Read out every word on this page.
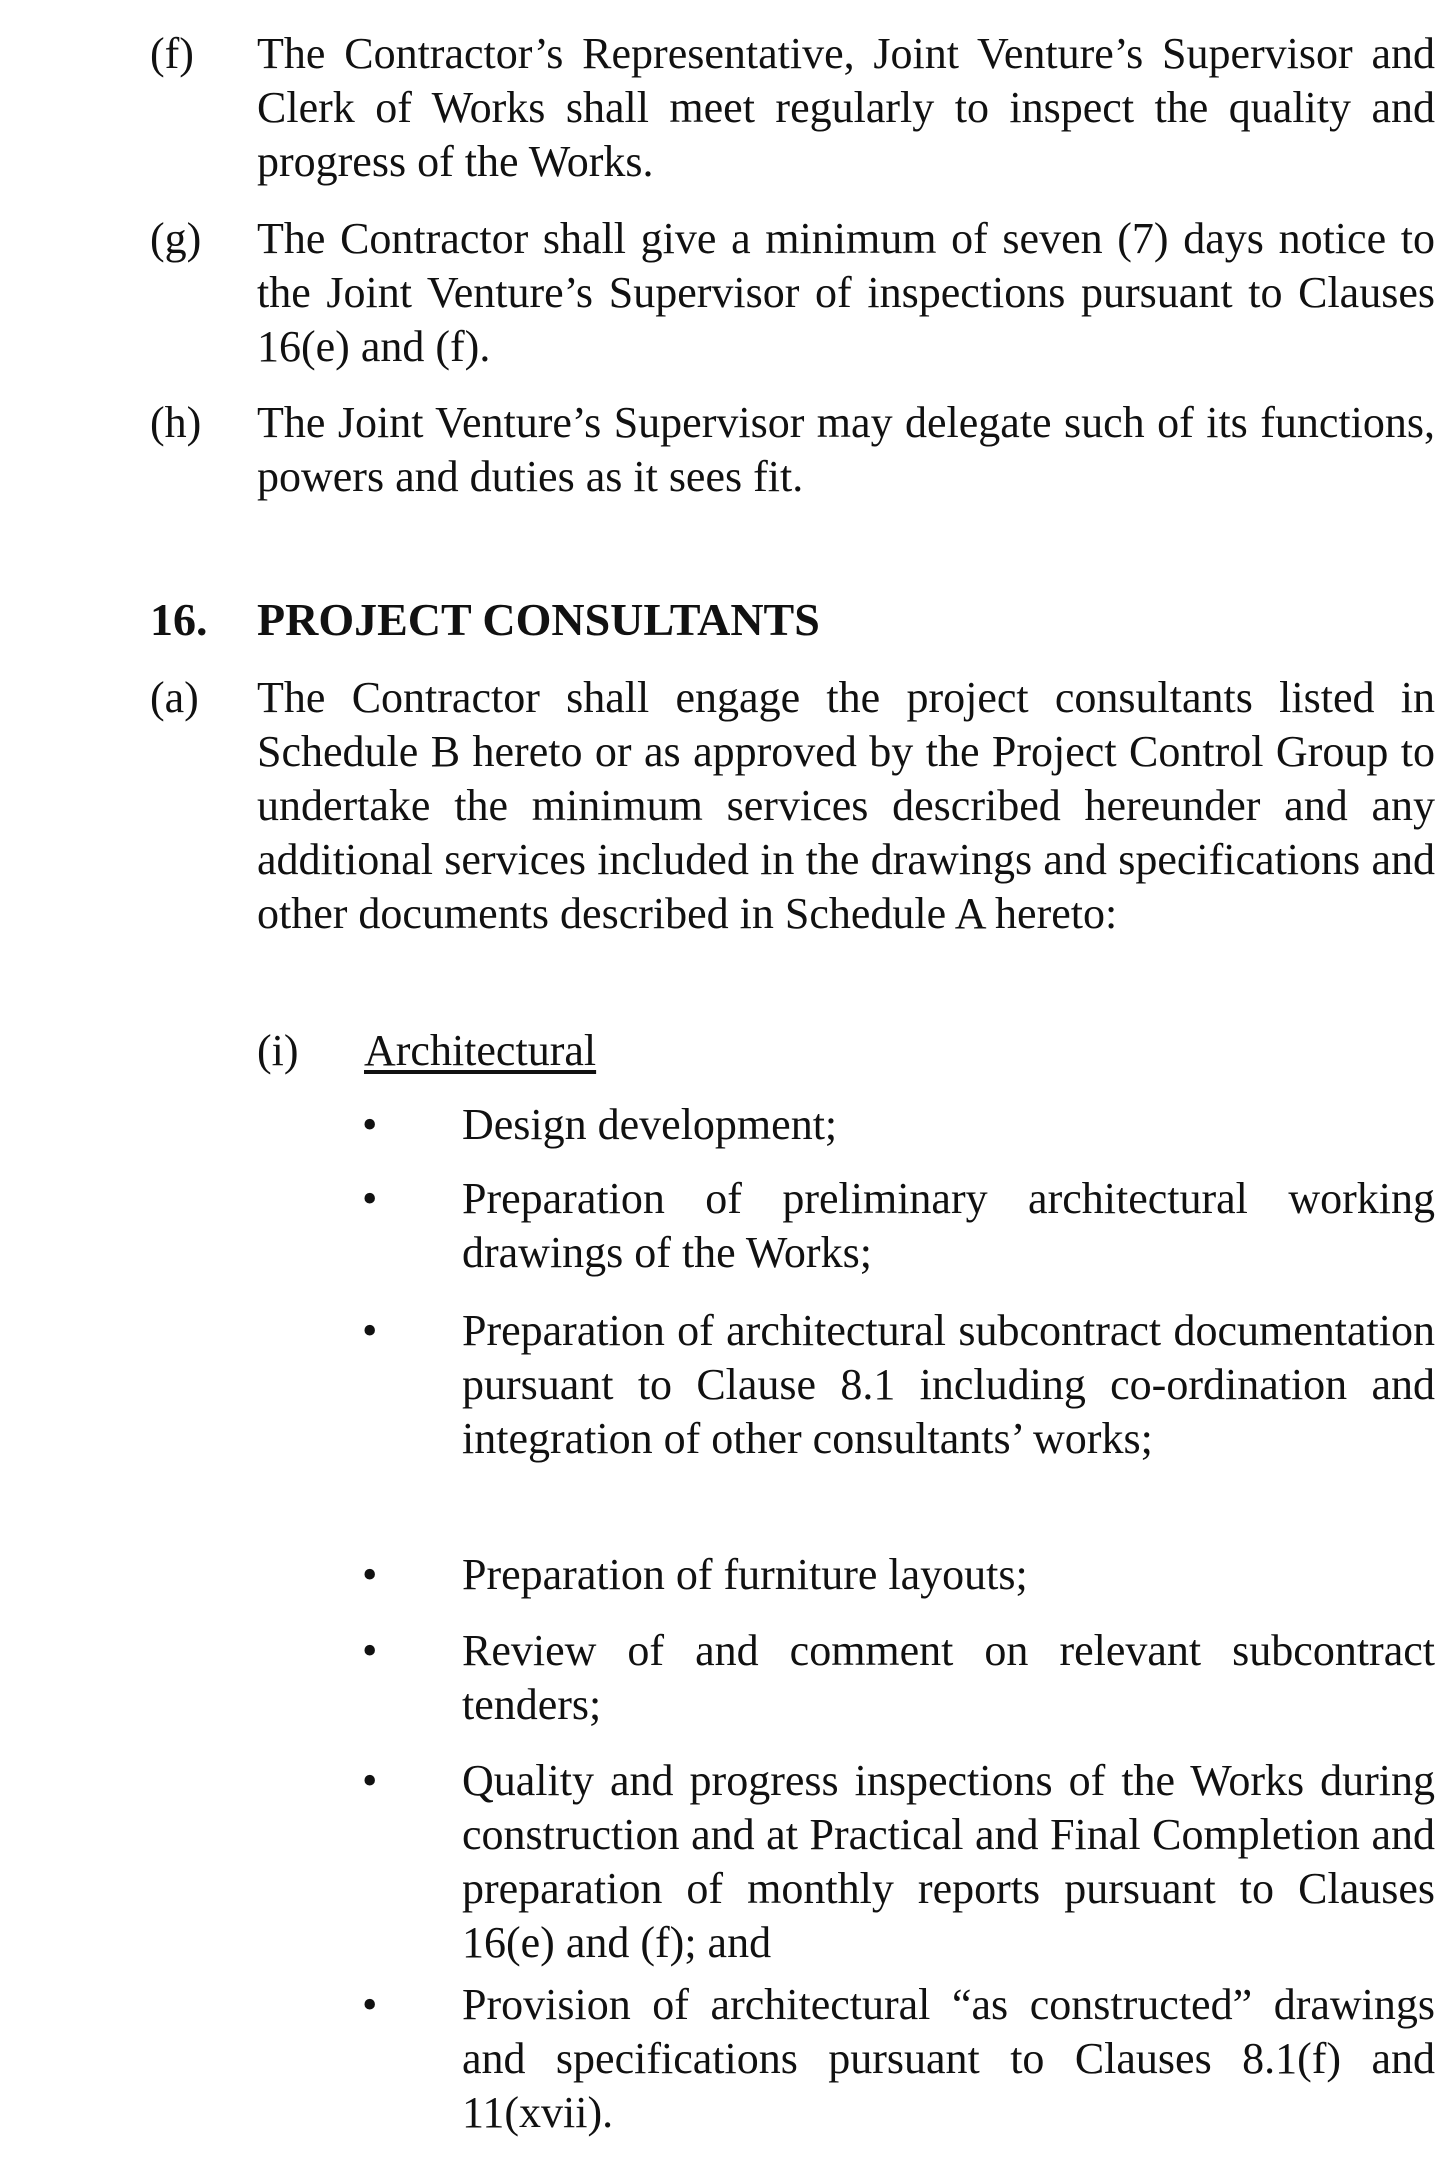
(f) The Contractor’s Representative, Joint Venture’s Supervisor and Clerk of Works shall meet regularly to inspect the quality and progress of the Works.
(g) The Contractor shall give a minimum of seven (7) days notice to the Joint Venture’s Supervisor of inspections pursuant to Clauses 16(e) and (f).
(h) The Joint Venture’s Supervisor may delegate such of its functions, powers and duties as it sees fit.
16. PROJECT CONSULTANTS
(a) The Contractor shall engage the project consultants listed in Schedule B hereto or as approved by the Project Control Group to undertake the minimum services described hereunder and any additional services included in the drawings and specifications and other documents described in Schedule A hereto:
(i) Architectural
• Design development;
• Preparation of preliminary architectural working drawings of the Works;
• Preparation of architectural subcontract documentation pursuant to Clause 8.1 including co-ordination and integration of other consultants’ works;
• Preparation of furniture layouts;
• Review of and comment on relevant subcontract tenders;
• Quality and progress inspections of the Works during construction and at Practical and Final Completion and preparation of monthly reports pursuant to Clauses 16(e) and (f); and
• Provision of architectural “as constructed” drawings and specifications pursuant to Clauses 8.1(f) and 11(xvii).
